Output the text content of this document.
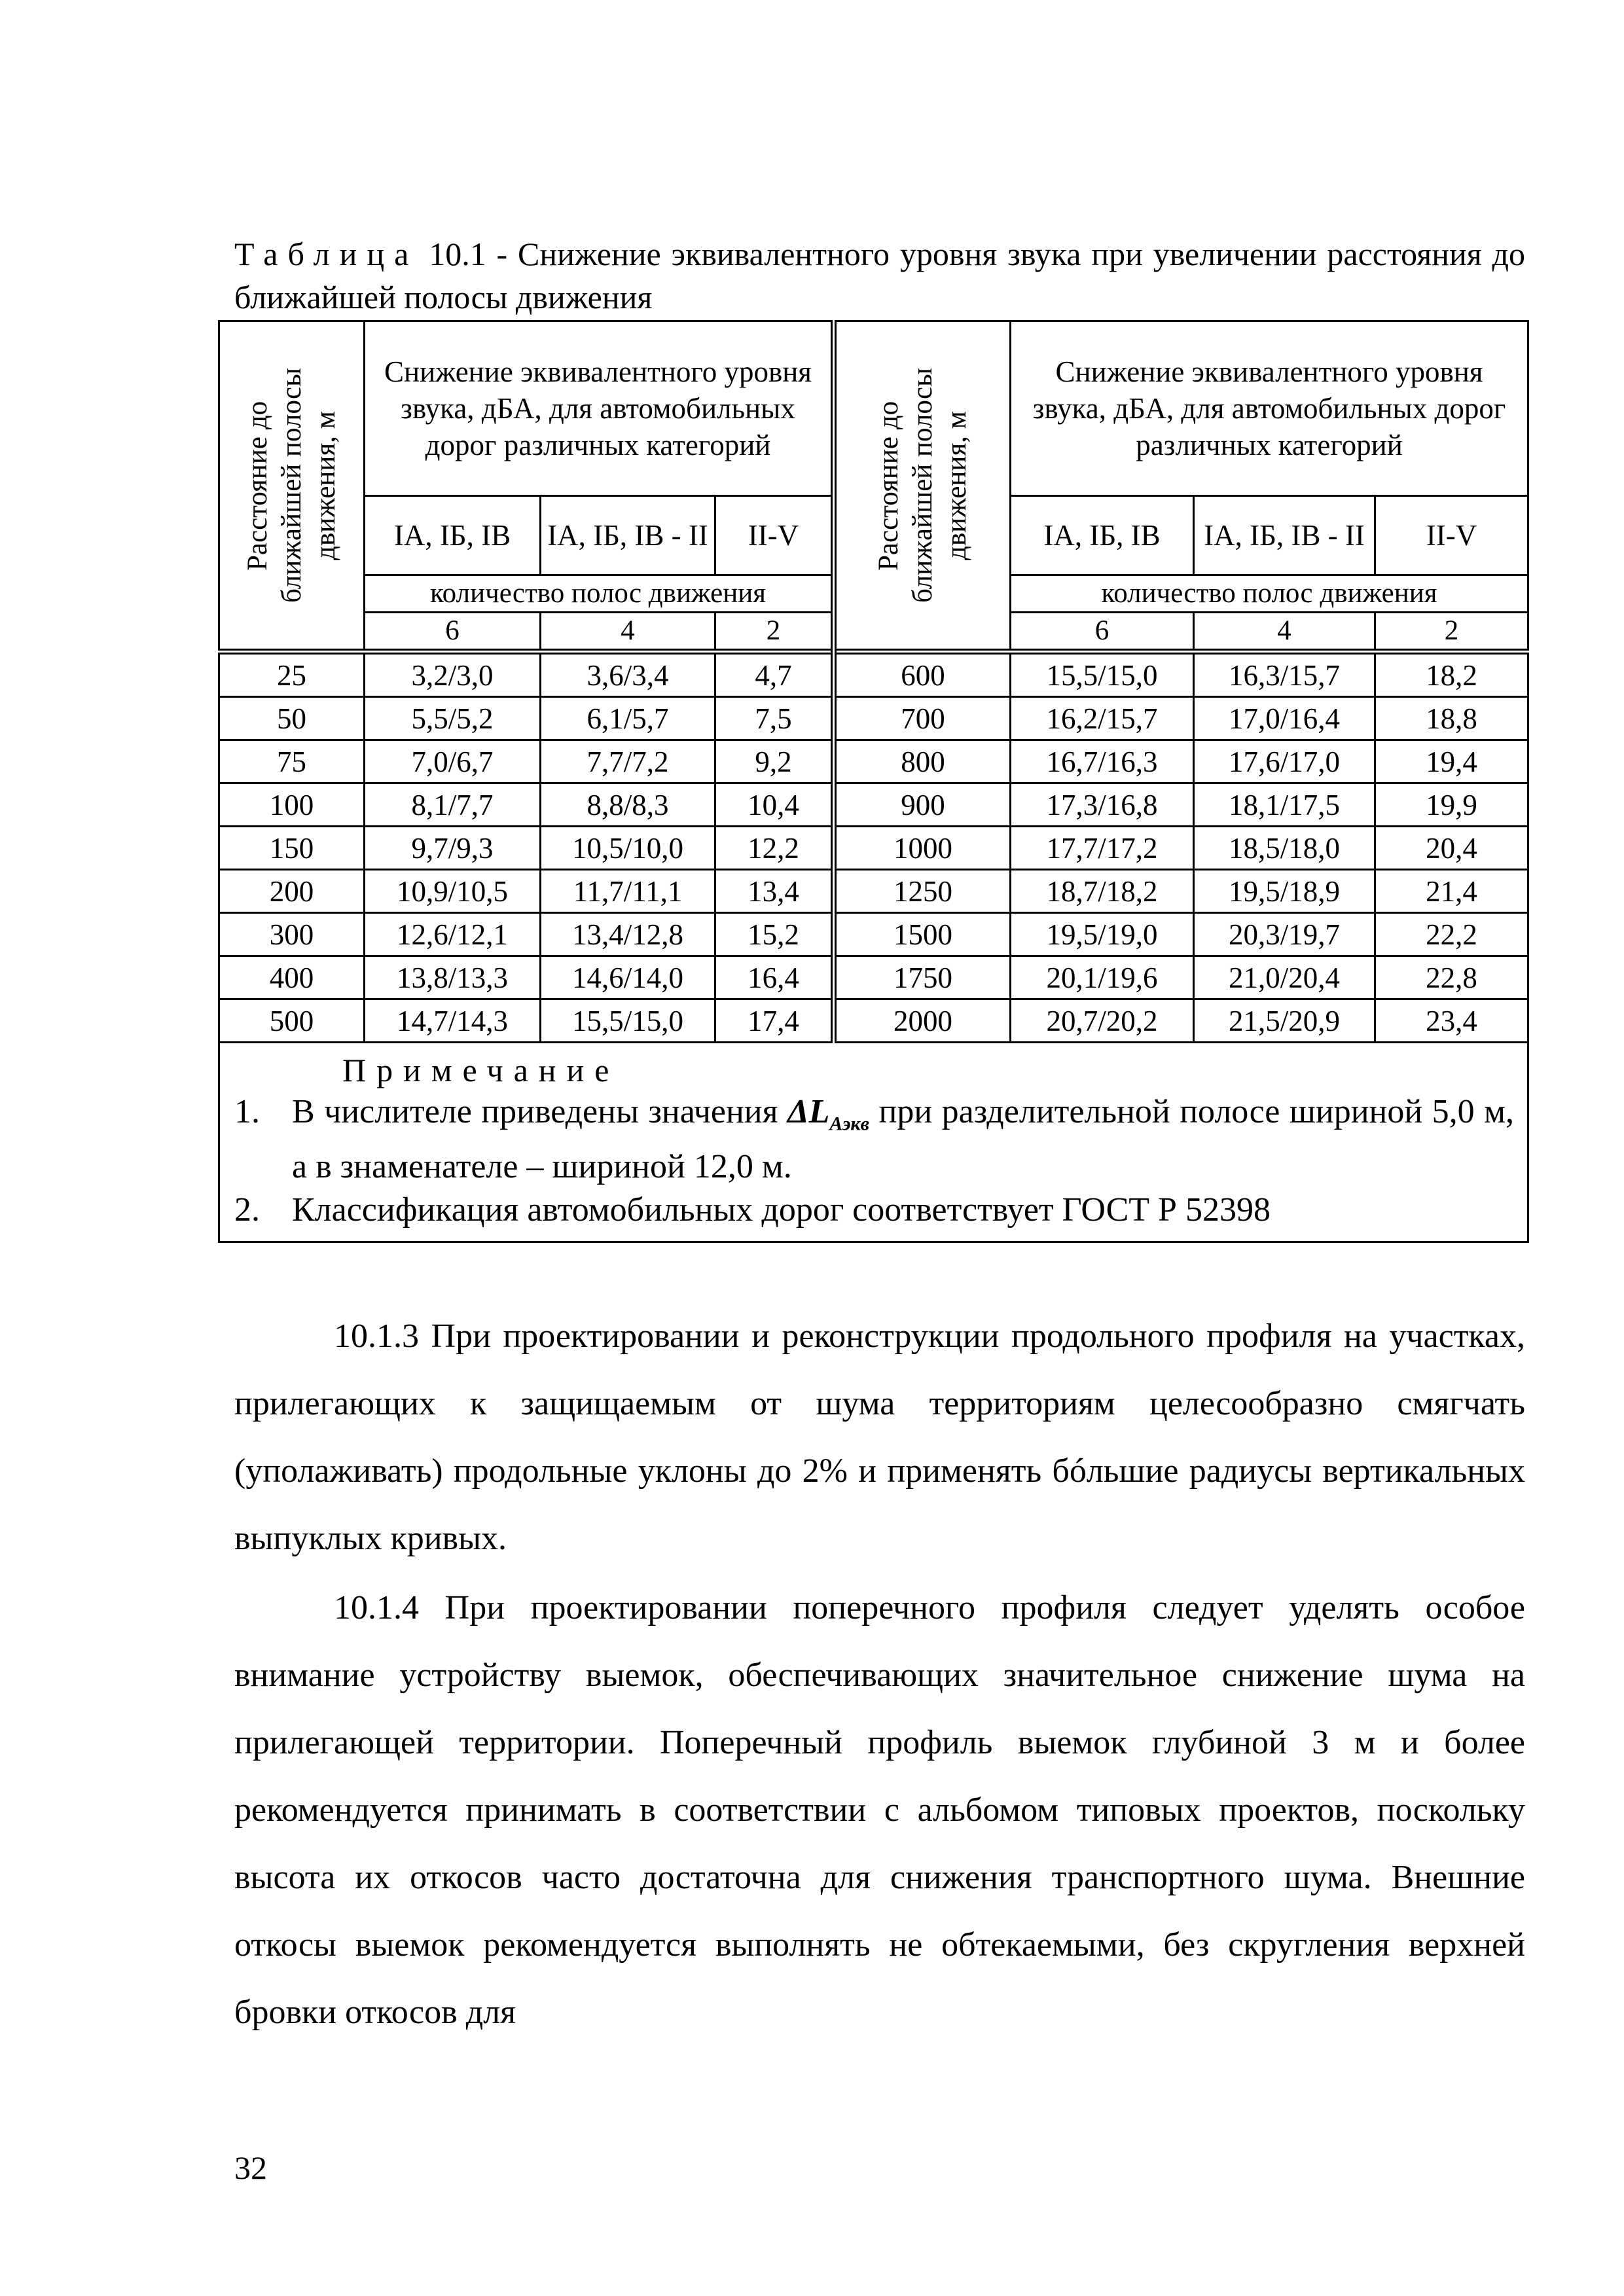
Таблица 10.1 - Снижение эквивалентного уровня звука при увеличении расстояния до ближайшей полосы движения
Расстояние до ближайшей полосы движения, м	Снижение эквивалентного уровня звука, дБА, для автомобильных дорог различных категорий			Расстояние до ближайшей полосы движения, м	Снижение эквивалентного уровня звука, дБА, для автомобильных дорог различных категорий		
	IA, IБ, IB	IA, IБ, IB - II	II-V		IA, IБ, IB	IA, IБ, IB - II	II-V
	количество полос движения				количество полос движения		
	6	4	2		6	4	2
25	3,2/3,0	3,6/3,4	4,7	600	15,5/15,0	16,3/15,7	18,2
50	5,5/5,2	6,1/5,7	7,5	700	16,2/15,7	17,0/16,4	18,8
75	7,0/6,7	7,7/7,2	9,2	800	16,7/16,3	17,6/17,0	19,4
100	8,1/7,7	8,8/8,3	10,4	900	17,3/16,8	18,1/17,5	19,9
150	9,7/9,3	10,5/10,0	12,2	1000	17,7/17,2	18,5/18,0	20,4
200	10,9/10,5	11,7/11,1	13,4	1250	18,7/18,2	19,5/18,9	21,4
300	12,6/12,1	13,4/12,8	15,2	1500	19,5/19,0	20,3/19,7	22,2
400	13,8/13,3	14,6/14,0	16,4	1750	20,1/19,6	21,0/20,4	22,8
500	14,7/14,3	15,5/15,0	17,4	2000	20,7/20,2	21,5/20,9	23,4

Примечание
1. В числителе приведены значения $\Delta L_{Аэкв}$ при разделительной полосе шириной 5,0 м, а в знаменателе – шириной 12,0 м.
2. Классификация автомобильных дорог соответствует ГОСТ Р 52398							

10.1.3 При проектировании и реконструкции продольного профиля на участках, прилегающих к защищаемым от шума территориям целесообразно смягчать (уполаживать) продольные уклоны до 2% и применять бóльшие радиусы вертикальных выпуклых кривых.

10.1.4 При проектировании поперечного профиля следует уделять особое внимание устройству выемок, обеспечивающих значительное снижение шума на прилегающей территории. Поперечный профиль выемок глубиной 3 м и более рекомендуется принимать в соответствии с альбомом типовых проектов, поскольку высота их откосов часто достаточна для снижения транспортного шума. Внешние откосы выемок рекомендуется выполнять не обтекаемыми, без скругления верхней бровки откосов для

32
